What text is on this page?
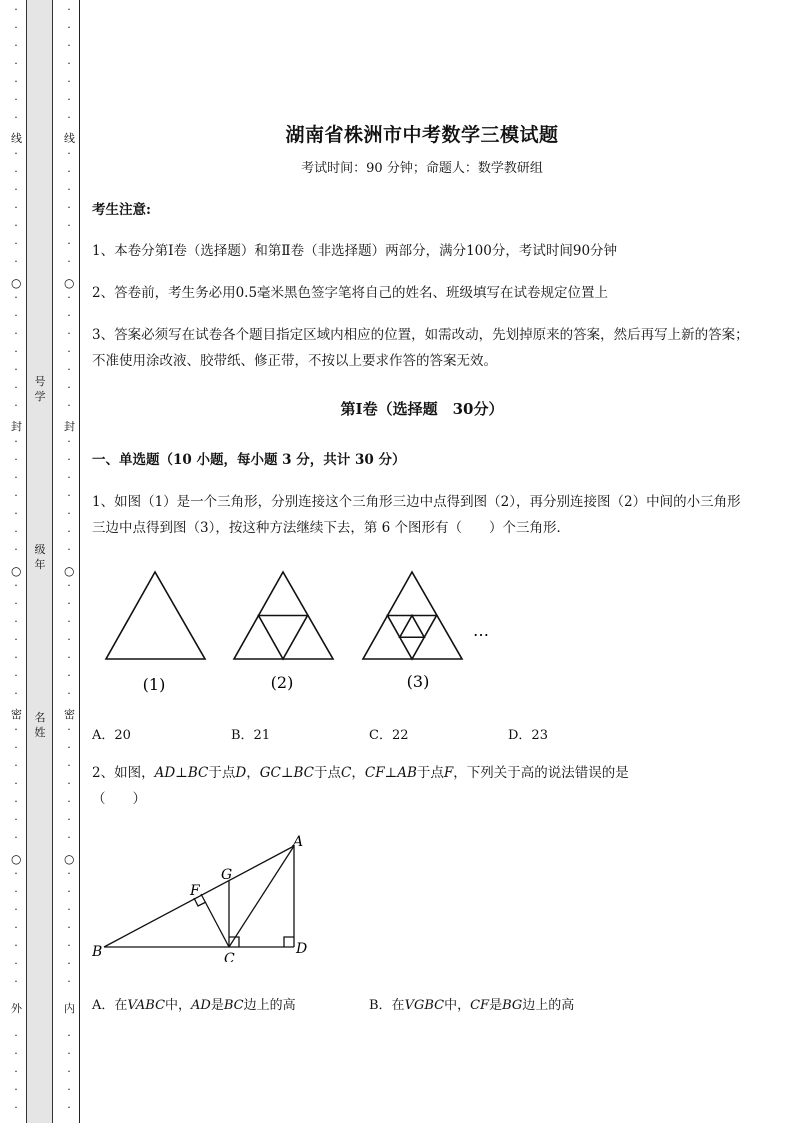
线
○
封
○
密
○
外
·
·
·
·
·
·
·
·
·
·
·
·
·
·
·
·
·
·
·
·
·
·
·
·
·
·
·
·
·
·
·
·
·
·
·
·
·
·
·
·
·
·
·
·
·
·
·
·
·
·
·
·
·
·
号学
级年
名姓
线
○
封
○
密
○
内
·
·
·
·
·
·
·
·
·
·
·
·
·
·
·
·
·
·
·
·
·
·
·
·
·
·
·
·
·
·
·
·
·
·
·
·
·
·
·
·
·
·
·
·
·
·
·
·
·
·
·
·
·
·
湖南省株洲市中考数学三模试题
考试时间：90 分钟；命题人：数学教研组
考生注意:
1、本卷分第Ⅰ卷（选择题）和第Ⅱ卷（非选择题）两部分，满分100分，考试时间90分钟
2、答卷前，考生务必用0.5毫米黑色签字笔将自己的姓名、班级填写在试卷规定位置上
3、答案必须写在试卷各个题目指定区域内相应的位置，如需改动，先划掉原来的答案，然后再写上新的答案；不准使用涂改液、胶带纸、修正带，不按以上要求作答的答案无效。
第Ⅰ卷（选择题　30分）
一、单选题（10 小题，每小题 3 分，共计 30 分）
1、如图（1）是一个三角形，分别连接这个三角形三边中点得到图（2），再分别连接图（2）中间的小三角形三边中点得到图（3），按这种方法继续下去，第 6 个图形有（　　）个三角形．
(1)	(2)	(3)
…
A．20	B．21	C．22	D．23
2、如图，AD⊥BC于点D，GC⊥BC于点C，CF⊥AB于点F，下列关于高的说法错误的是
（　　）
A
B	C
D
F
G
A．在VABC中，AD是BC边上的高	B．在VGBC中，CF是BG边上的高
